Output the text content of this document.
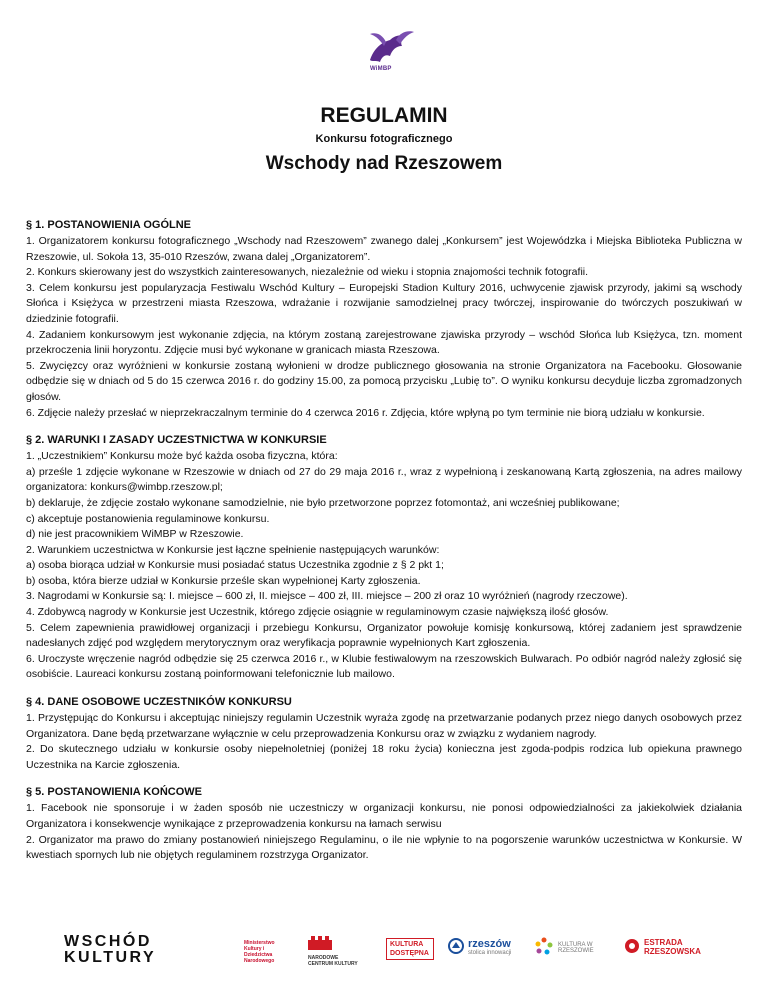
WiMBP

REGULAMIN

Konkursu fotograficznego

Wschody nad Rzeszowem

§ 1. POSTANOWIENIA OGÓLNE

1. Organizatorem konkursu fotograficznego „Wschody nad Rzeszowem” zwanego dalej „Konkursem” jest Wojewódzka i Miejska Biblioteka Publiczna w Rzeszowie, ul. Sokoła 13, 35-010 Rzeszów, zwana dalej „Organizatorem”.

2. Konkurs skierowany jest do wszystkich zainteresowanych, niezależnie od wieku i stopnia znajomości technik fotografii.

3. Celem konkursu jest popularyzacja Festiwalu Wschód Kultury – Europejski Stadion Kultury 2016, uchwycenie zjawisk przyrody, jakimi są wschody Słońca i Księżyca w przestrzeni miasta Rzeszowa, wdrażanie i rozwijanie samodzielnej pracy twórczej, inspirowanie do twórczych poszukiwań w dziedzinie fotografii.

4. Zadaniem konkursowym jest wykonanie zdjęcia, na którym zostaną zarejestrowane zjawiska przyrody – wschód Słońca lub Księżyca, tzn. moment przekroczenia linii horyzontu. Zdjęcie musi być wykonane w granicach miasta Rzeszowa.

5. Zwycięzcy oraz wyróżnieni w konkursie zostaną wyłonieni w drodze publicznego głosowania na stronie Organizatora na Facebooku. Głosowanie odbędzie się w dniach od 5 do 15 czerwca 2016 r. do godziny 15.00, za pomocą przycisku „Lubię to”. O wyniku konkursu decyduje liczba zgromadzonych głosów.

6. Zdjęcie należy przesłać w nieprzekraczalnym terminie do 4 czerwca 2016 r. Zdjęcia, które wpłyną po tym terminie nie biorą udziału w konkursie.

§ 2. WARUNKI I ZASADY UCZESTNICTWA W KONKURSIE

1. „Uczestnikiem” Konkursu może być każda osoba fizyczna, która:

a) prześle 1 zdjęcie wykonane w Rzeszowie w dniach od 27 do 29 maja 2016 r., wraz z wypełnioną i zeskanowaną Kartą zgłoszenia, na adres mailowy organizatora: konkurs@wimbp.rzeszow.pl;

b) deklaruje, że zdjęcie zostało wykonane samodzielnie, nie było przetworzone poprzez fotomontaż, ani wcześniej publikowane;

c) akceptuje postanowienia regulaminowe konkursu.

d) nie jest pracownikiem WiMBP w Rzeszowie.

2. Warunkiem uczestnictwa w Konkursie jest łączne spełnienie następujących warunków:

a) osoba biorąca udział w Konkursie musi posiadać status Uczestnika zgodnie z § 2 pkt 1;

b) osoba, która bierze udział w Konkursie prześle skan wypełnionej Karty zgłoszenia.

3. Nagrodami w Konkursie są: I. miejsce – 600 zł, II. miejsce – 400 zł, III. miejsce – 200 zł oraz 10 wyróżnień (nagrody rzeczowe).

4. Zdobywcą nagrody w Konkursie jest Uczestnik, którego zdjęcie osiągnie w regulaminowym czasie największą ilość głosów.

5. Celem zapewnienia prawidłowej organizacji i przebiegu Konkursu, Organizator powołuje komisję konkursową, której zadaniem jest sprawdzenie nadesłanych zdjęć pod względem merytorycznym oraz weryfikacja poprawnie wypełnionych Kart zgłoszenia.

6. Uroczyste wręczenie nagród odbędzie się 25 czerwca 2016 r., w Klubie festiwalowym na rzeszowskich Bulwarach. Po odbiór nagród należy zgłosić się osobiście. Laureaci konkursu zostaną poinformowani telefonicznie lub mailowo.

§ 4. DANE OSOBOWE UCZESTNIKÓW KONKURSU

1. Przystępując do Konkursu i akceptując niniejszy regulamin Uczestnik wyraża zgodę na przetwarzanie podanych przez niego danych osobowych przez Organizatora. Dane będą przetwarzane wyłącznie w celu przeprowadzenia Konkursu oraz w związku z wydaniem nagrody.

2. Do skutecznego udziału w konkursie osoby niepełnoletniej (poniżej 18 roku życia) konieczna jest zgoda-podpis rodzica lub opiekuna prawnego Uczestnika na Karcie zgłoszenia.

§ 5. POSTANOWIENIA KOŃCOWE

1. Facebook nie sponsoruje i w żaden sposób nie uczestniczy w organizacji konkursu, nie ponosi odpowiedzialności za jakiekolwiek działania Organizatora i konsekwencje wynikające z przeprowadzenia konkursu na łamach serwisu

2. Organizator ma prawo do zmiany postanowień niniejszego Regulaminu, o ile nie wpłynie to na pogorszenie warunków uczestnictwa w Konkursie. W kwestiach spornych lub nie objętych regulaminem rozstrzyga Organizator.

WSCHÓD
KULTURY
Ministerstwo Kultury i Dziedzictwa Narodowego	NARODOWE CENTRUM KULTURY
KULTURA DOSTĘPNA
rzeszów
stolica innowacji
KULTURA W RZESZOWIE
ESTRADA RZESZOWSKA
